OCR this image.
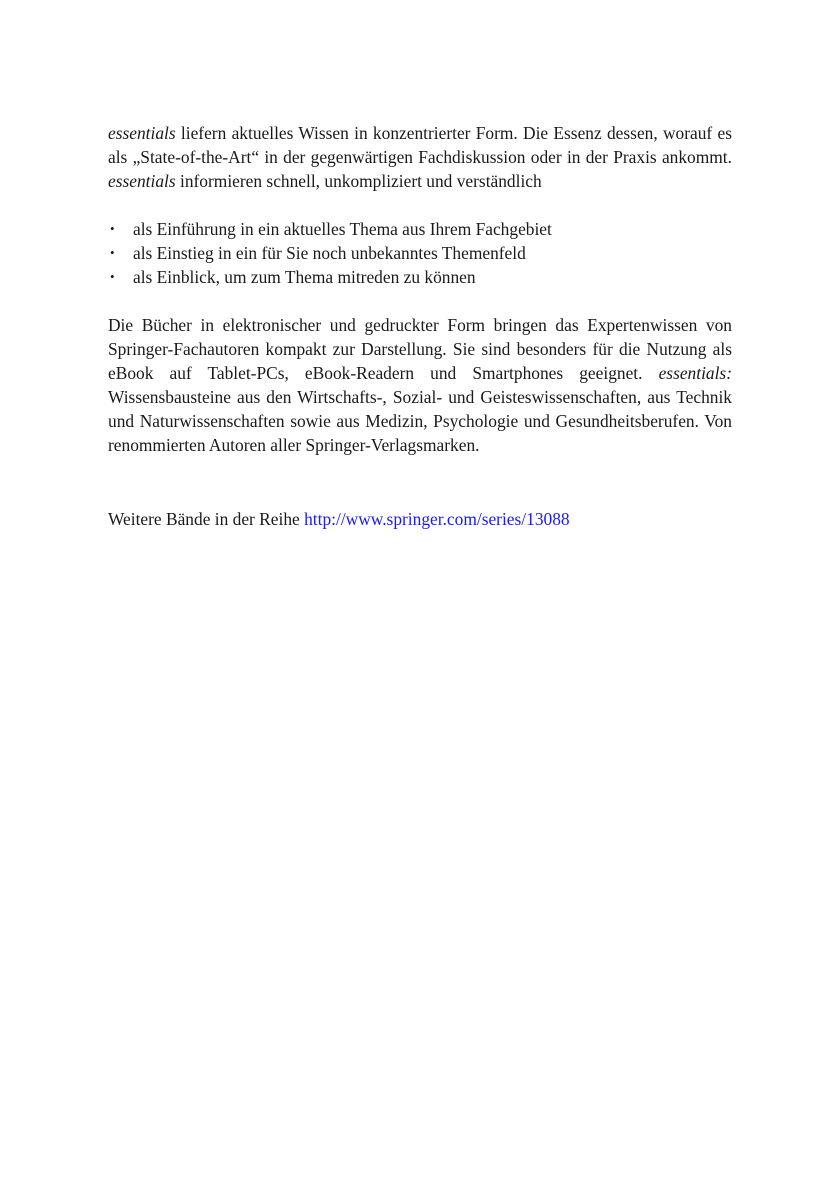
essentials liefern aktuelles Wissen in konzentrierter Form. Die Essenz dessen, worauf es als „State-of-the-Art“ in der gegenwärtigen Fachdiskussion oder in der Praxis ankommt. essentials informieren schnell, unkompliziert und verständlich

• als Einführung in ein aktuelles Thema aus Ihrem Fachgebiet
• als Einstieg in ein für Sie noch unbekanntes Themenfeld
• als Einblick, um zum Thema mitreden zu können

Die Bücher in elektronischer und gedruckter Form bringen das Expertenwissen von Springer-Fachautoren kompakt zur Darstellung. Sie sind besonders für die Nutzung als eBook auf Tablet-PCs, eBook-Readern und Smartphones geeignet. essentials: Wissensbausteine aus den Wirtschafts-, Sozial- und Geisteswissenschaften, aus Technik und Naturwissenschaften sowie aus Medizin, Psychologie und Gesundheitsberufen. Von renommierten Autoren aller Springer-Verlagsmarken.

Weitere Bände in der Reihe http://www.springer.com/series/13088
